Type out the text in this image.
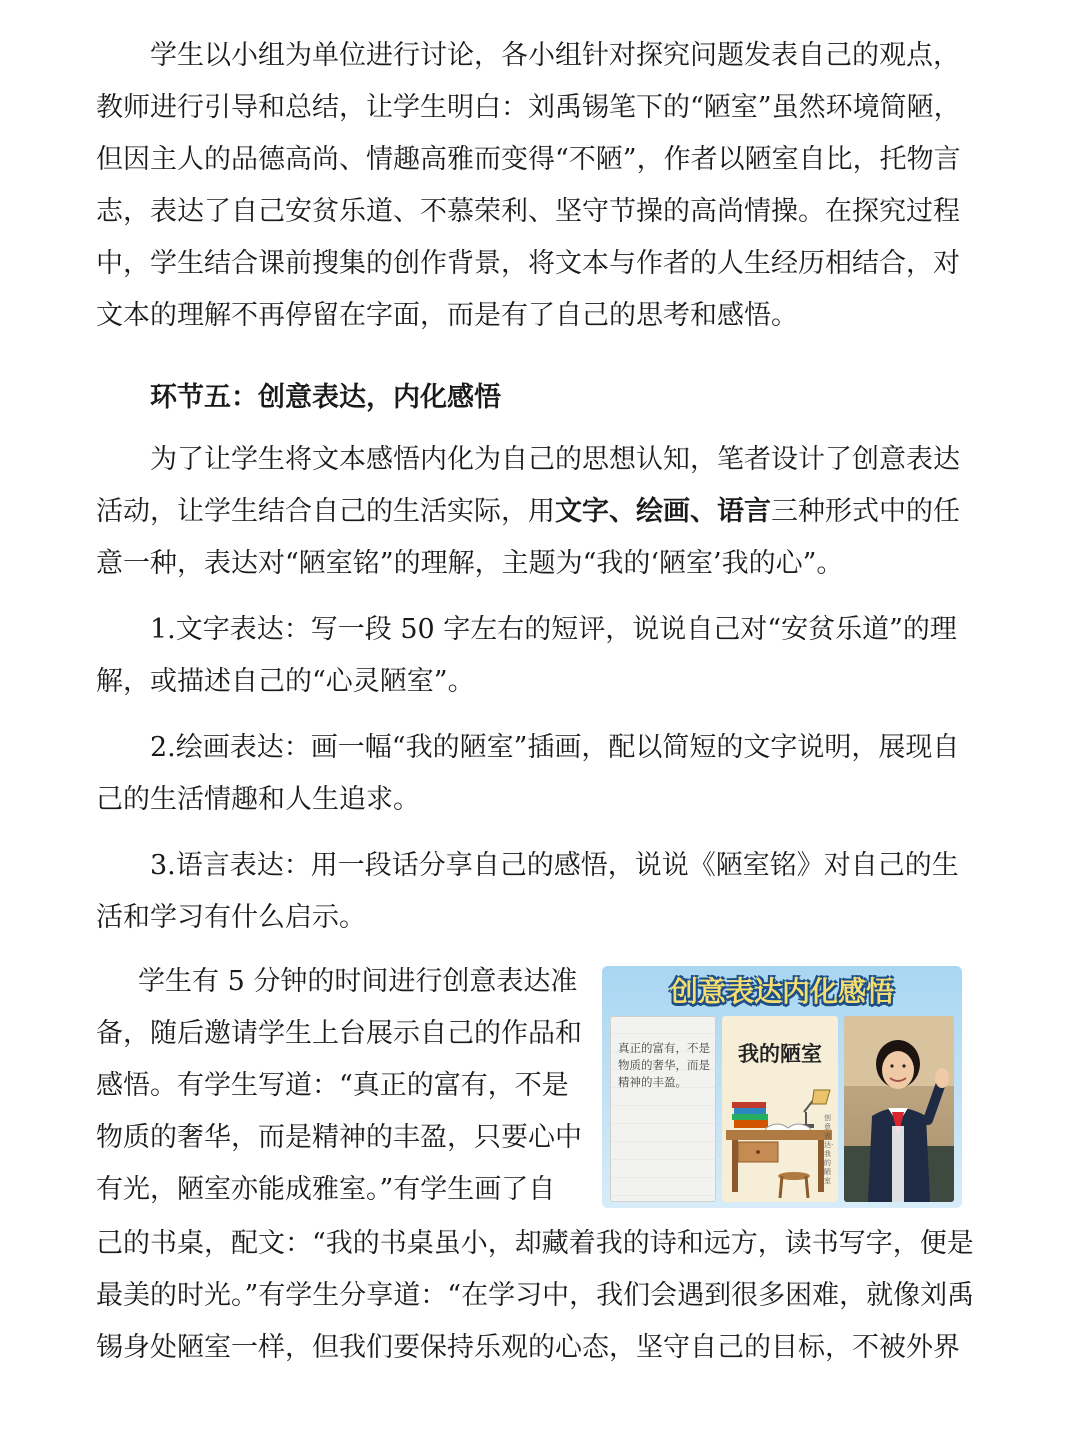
学生以小组为单位进行讨论，各小组针对探究问题发表自己的观点，教师进行引导和总结，让学生明白：刘禹锡笔下的“陋室”虽然环境简陋，但因主人的品德高尚、情趣高雅而变得“不陋”，作者以陋室自比，托物言志，表达了自己安贫乐道、不慕荣利、坚守节操的高尚情操。在探究过程中，学生结合课前搜集的创作背景，将文本与作者的人生经历相结合，对文本的理解不再停留在字面，而是有了自己的思考和感悟。

环节五：创意表达，内化感悟

为了让学生将文本感悟内化为自己的思想认知，笔者设计了创意表达活动，让学生结合自己的生活实际，用文字、绘画、语言三种形式中的任意一种，表达对“陋室铭”的理解，主题为“我的‘陋室’我的心”。

1.文字表达：写一段 50 字左右的短评，说说自己对“安贫乐道”的理解，或描述自己的“心灵陋室”。

2.绘画表达：画一幅“我的陋室”插画，配以简短的文字说明，展现自己的生活情趣和人生追求。

3.语言表达：用一段话分享自己的感悟，说说《陋室铭》对自己的生活和学习有什么启示。

学生有 5 分钟的时间进行创意表达准备，随后邀请学生上台展示自己的作品和感悟。有学生写道：“真正的富有，不是物质的奢华，而是精神的丰盈，只要心中有光，陋室亦能成雅室。”有学生画了自

创意表达内化感悟
真正的富有，不是物质的奢华，而是精神的丰盈。
我的陋室
创意表达·我的陋室

己的书桌，配文：“我的书桌虽小，却藏着我的诗和远方，读书写字，便是最美的时光。”有学生分享道：“在学习中，我们会遇到很多困难，就像刘禹锡身处陋室一样，但我们要保持乐观的心态，坚守自己的目标，不被外界
